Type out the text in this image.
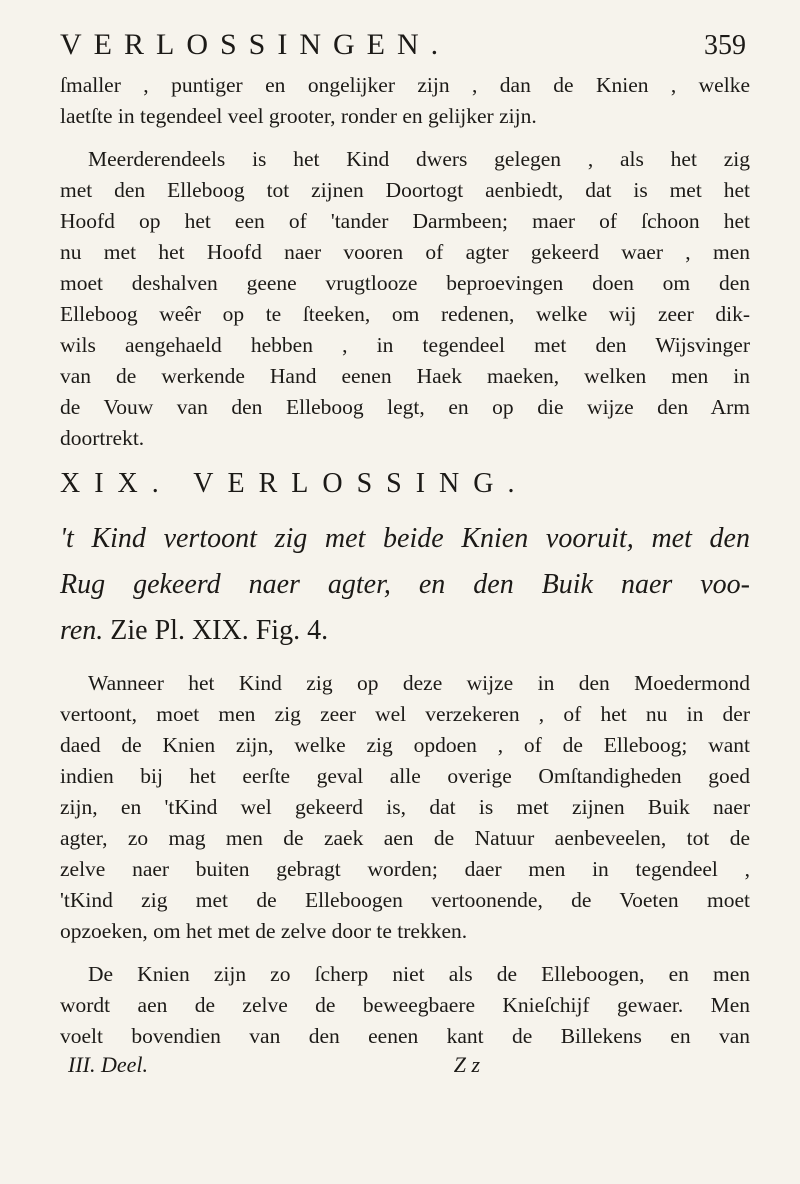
VERLOSSINGEN.	359
ſmaller , puntiger en ongelijker zijn , dan de Knien , welke
laetſte in tegendeel veel grooter, ronder en gelijker zijn.
Meerderendeels is het Kind dwers gelegen , als het zig
met den Elleboog tot zijnen Doortogt aenbiedt, dat is met het
Hoofd op het een of 'tander Darmbeen; maer of ſchoon het
nu met het Hoofd naer vooren of agter gekeerd waer , men
moet deshalven geene vrugtlooze beproevingen doen om den
Elleboog weêr op te ſteeken, om redenen, welke wij zeer dik-
wils aengehaeld hebben , in tegendeel met den Wijsvinger
van de werkende Hand eenen Haek maeken, welken men in
de Vouw van den Elleboog legt, en op die wijze den Arm
doortrekt.
XIX. VERLOSSING.
't Kind vertoont zig met beide Knien vooruit, met den
Rug gekeerd naer agter, en den Buik naer voo-
ren. Zie Pl. XIX. Fig. 4.
Wanneer het Kind zig op deze wijze in den Moedermond
vertoont, moet men zig zeer wel verzekeren , of het nu in der
daed de Knien zijn, welke zig opdoen , of de Elleboog; want
indien bij het eerſte geval alle overige Omſtandigheden goed
zijn, en 'tKind wel gekeerd is, dat is met zijnen Buik naer
agter, zo mag men de zaek aen de Natuur aenbeveelen, tot de
zelve naer buiten gebragt worden; daer men in tegendeel ,
'tKind zig met de Elleboogen vertoonende, de Voeten moet
opzoeken, om het met de zelve door te trekken.
De Knien zijn zo ſcherp niet als de Elleboogen, en men
wordt aen de zelve de beweegbaere Knieſchijf gewaer. Men
voelt bovendien van den eenen kant de Billekens en van
III. Deel.	Z z
